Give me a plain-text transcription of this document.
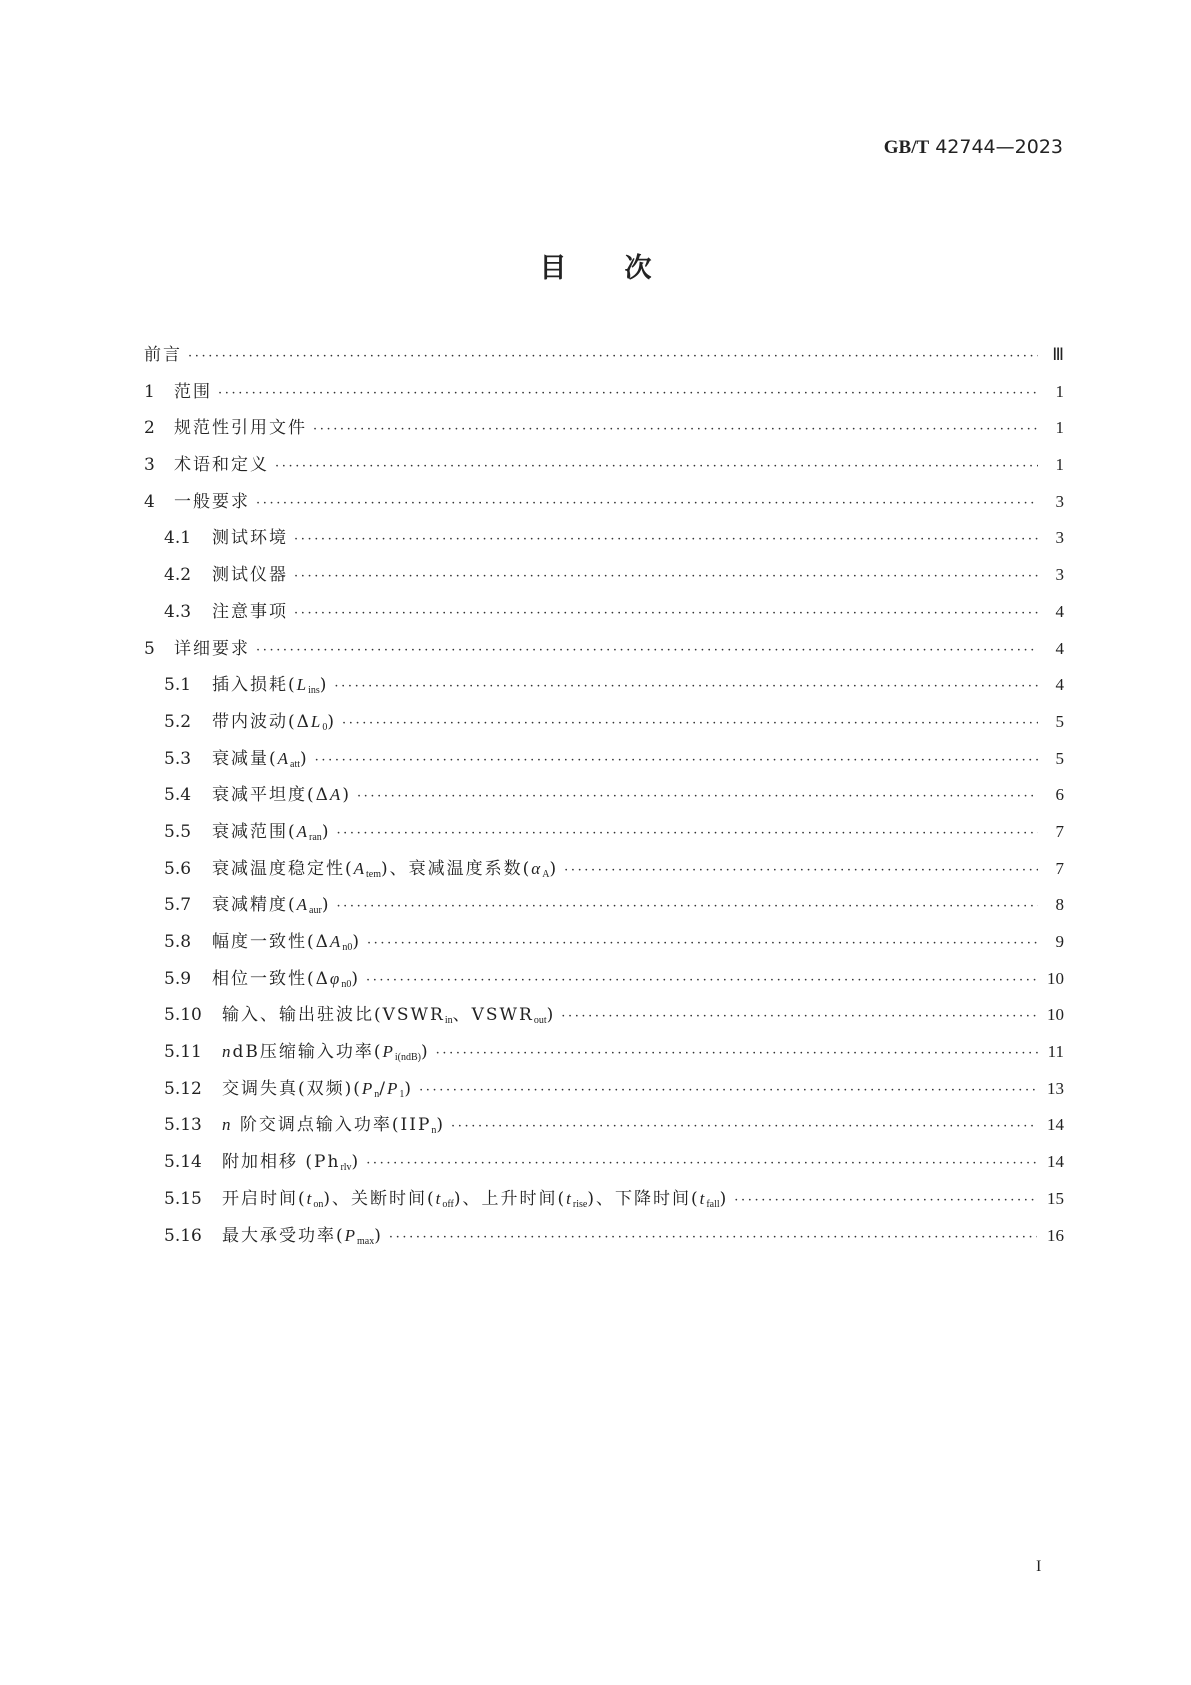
GB/T 42744—2023
目次
前言 ·····	Ⅲ
1	范围 ·····	1
2	规范性引用文件 ·····	1
3	术语和定义 ·····	1
4	一般要求 ·····	3
4.1	测试环境 ·····	3
4.2	测试仪器 ·····	3
4.3	注意事项 ·····	4
5	详细要求 ·····	4
5.1	插入损耗$(L_{ins})$ ·····	4
5.2	带内波动$(\Delta L_0)$ ·····	5
5.3	衰减量$(A_{att})$ ·····	5
5.4	衰减平坦度(ΔA) ·····	6
5.5	衰减范围$(A_{ran})$ ·····	7
5.6	衰减温度稳定性$(A_{tem})$、衰减温度系数$(\alpha_A)$ ·····	7
5.7	衰减精度$(A_{aur})$ ·····	8
5.8	幅度一致性$(\Delta A_{n0})$ ·····	9
5.9	相位一致性$(\Delta\varphi_{n0})$ ·····	10
5.10	输入、输出驻波比($VSWR_{in}$、$VSWR_{out}$) ·····	10
5.11	ndB压缩输入功率$(P_{i(ndB)})$ ·····	11
5.12	交调失真(双频)$(P_n/P_1)$ ·····	13
5.13	n 阶交调点输入功率$(IIP_n)$ ·····	14
5.14	附加相移 $(Ph_{rlv})$ ·····	14
5.15	开启时间$(t_{on})$、关断时间$(t_{off})$、上升时间$(t_{rise})$、下降时间$(t_{fall})$ ·····	15
5.16	最大承受功率$(P_{max})$ ·····	16
I
